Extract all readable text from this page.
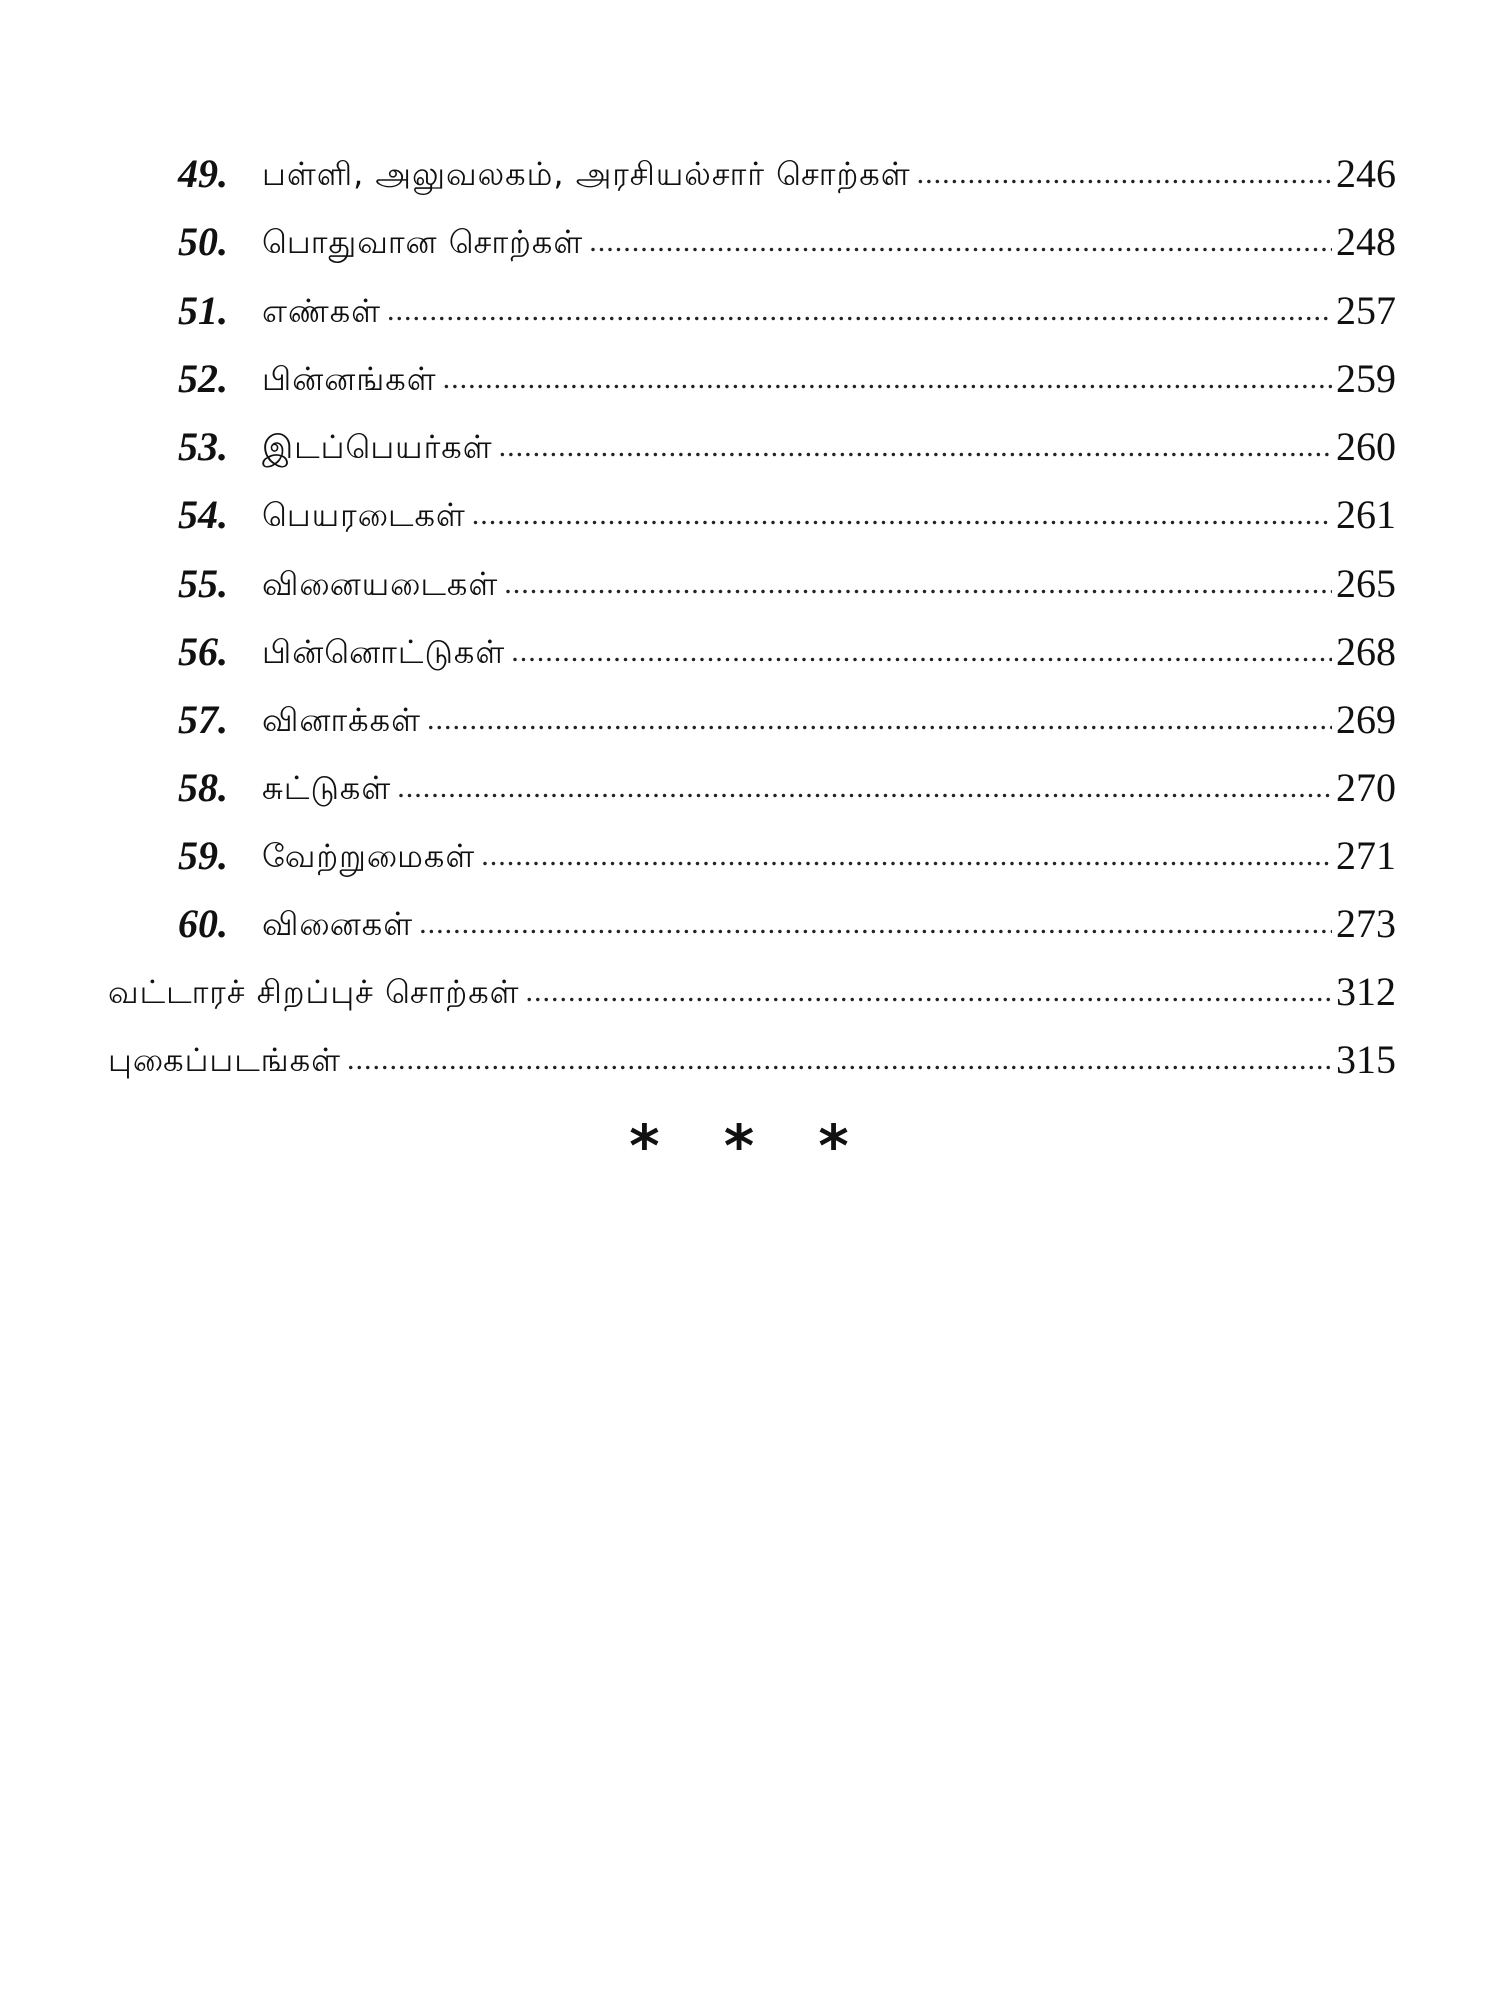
49.	பள்ளி, அலுவலகம், அரசியல்சார் சொற்கள் .....	246
50.	பொதுவான சொற்கள் .....	248
51.	எண்கள் .....	257
52.	பின்னங்கள் .....	259
53.	இடப்பெயர்கள் .....	260
54.	பெயரடைகள் .....	261
55.	வினையடைகள் .....	265
56.	பின்னொட்டுகள் .....	268
57.	வினாக்கள் .....	269
58.	சுட்டுகள் .....	270
59.	வேற்றுமைகள் .....	271
60.	வினைகள் .....	273
வட்டாரச் சிறப்புச் சொற்கள் .....	312
புகைப்படங்கள் .....	315
* * *
